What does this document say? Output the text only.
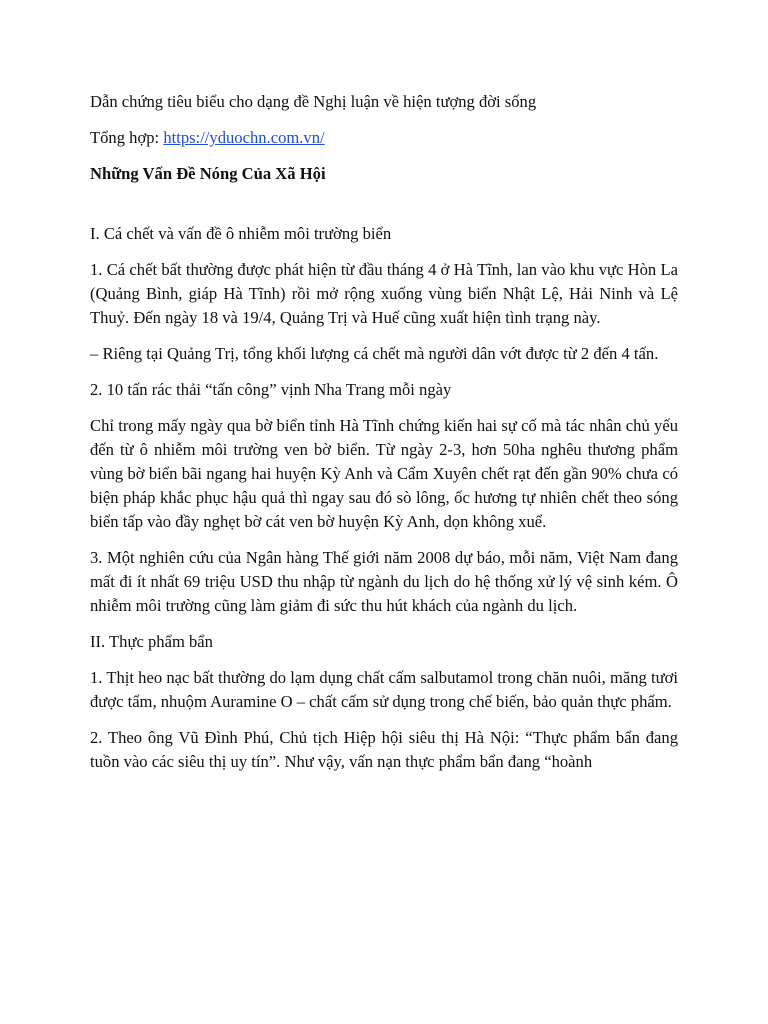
Dẫn chứng tiêu biểu cho dạng đề Nghị luận về hiện tượng đời sống

Tổng hợp: https://yduochn.com.vn/

Những Vấn Đề Nóng Của Xã Hội

I. Cá chết và vấn đề ô nhiễm môi trường biển

1. Cá chết bất thường được phát hiện từ đầu tháng 4 ở Hà Tĩnh, lan vào khu vực Hòn La (Quảng Bình, giáp Hà Tĩnh) rồi mở rộng xuống vùng biển Nhật Lệ, Hải Ninh và Lệ Thuỷ. Đến ngày 18 và 19/4, Quảng Trị và Huế cũng xuất hiện tình trạng này.

– Riêng tại Quảng Trị, tổng khối lượng cá chết mà người dân vớt được từ 2 đến 4 tấn.

2. 10 tấn rác thải “tấn công” vịnh Nha Trang mỗi ngày

Chỉ trong mấy ngày qua bờ biển tỉnh Hà Tĩnh chứng kiến hai sự cố mà tác nhân chủ yếu đến từ ô nhiễm môi trường ven bờ biển. Từ ngày 2-3, hơn 50ha nghêu thương phẩm vùng bờ biển bãi ngang hai huyện Kỳ Anh và Cẩm Xuyên chết rạt đến gần 90% chưa có biện pháp khắc phục hậu quả thì ngay sau đó sò lông, ốc hương tự nhiên chết theo sóng biển tấp vào đầy nghẹt bờ cát ven bờ huyện Kỳ Anh, dọn không xuể.

3. Một nghiên cứu của Ngân hàng Thế giới năm 2008 dự báo, mỗi năm, Việt Nam đang mất đi ít nhất 69 triệu USD thu nhập từ ngành du lịch do hệ thống xử lý vệ sinh kém. Ô nhiễm môi trường cũng làm giảm đi sức thu hút khách của ngành du lịch.

II. Thực phẩm bẩn

1. Thịt heo nạc bất thường do lạm dụng chất cấm salbutamol trong chăn nuôi, măng tươi được tẩm, nhuộm Auramine O – chất cấm sử dụng trong chế biến, bảo quản thực phẩm.

2. Theo ông Vũ Đình Phú, Chủ tịch Hiệp hội siêu thị Hà Nội: “Thực phẩm bẩn đang tuồn vào các siêu thị uy tín”. Như vậy, vấn nạn thực phẩm bẩn đang “hoành
